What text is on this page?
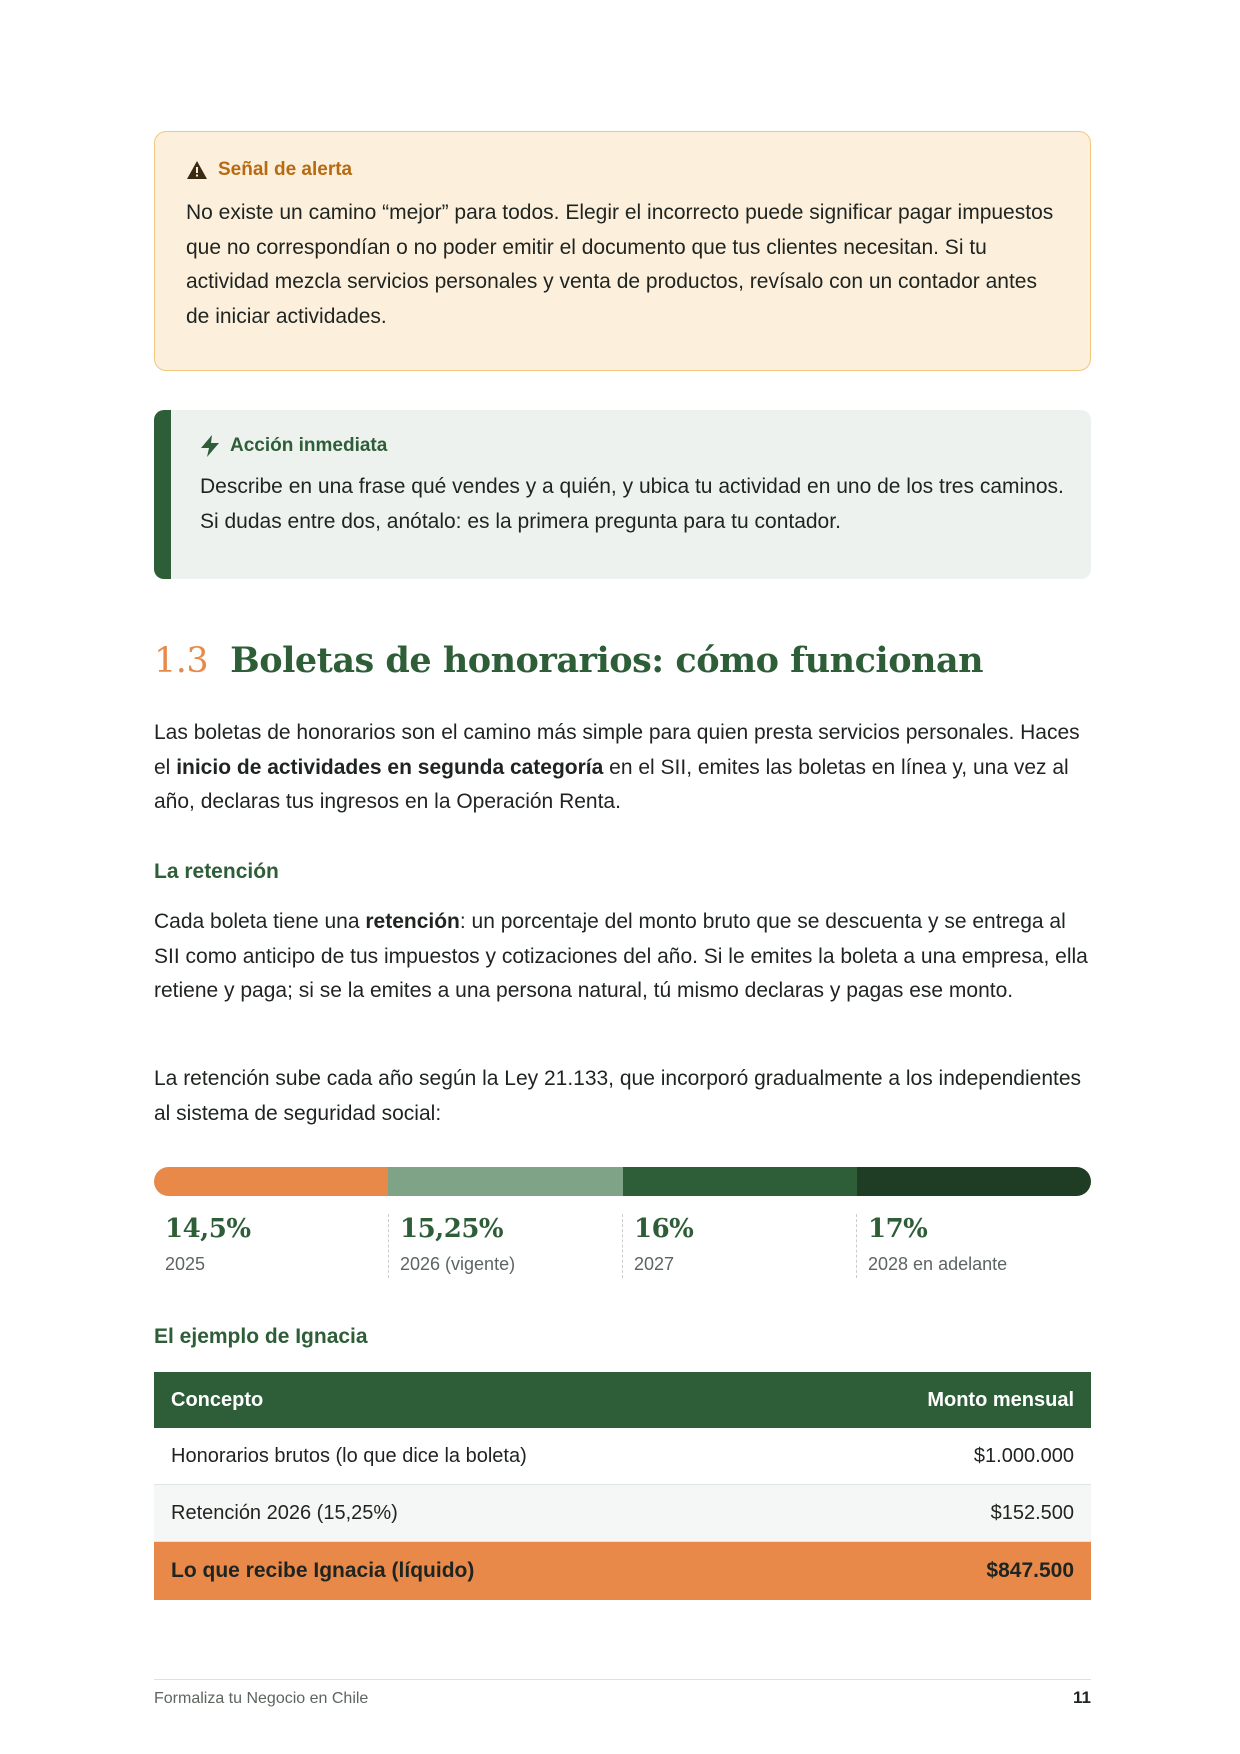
Señal de alerta
No existe un camino “mejor” para todos. Elegir el incorrecto puede significar pagar impuestos que no correspondían o no poder emitir el documento que tus clientes necesitan. Si tu actividad mezcla servicios personales y venta de productos, revísalo con un contador antes de iniciar actividades.
Acción inmediata
Describe en una frase qué vendes y a quién, y ubica tu actividad en uno de los tres caminos. Si dudas entre dos, anótalo: es la primera pregunta para tu contador.
1.3 Boletas de honorarios: cómo funcionan
Las boletas de honorarios son el camino más simple para quien presta servicios personales. Haces el inicio de actividades en segunda categoría en el SII, emites las boletas en línea y, una vez al año, declaras tus ingresos en la Operación Renta.
La retención
Cada boleta tiene una retención: un porcentaje del monto bruto que se descuenta y se entrega al SII como anticipo de tus impuestos y cotizaciones del año. Si le emites la boleta a una empresa, ella retiene y paga; si se la emites a una persona natural, tú mismo declaras y pagas ese monto.
La retención sube cada año según la Ley 21.133, que incorporó gradualmente a los independientes al sistema de seguridad social:
14,5%
2025
15,25%
2026 (vigente)
16%
2027
17%
2028 en adelante
El ejemplo de Ignacia
Concepto	Monto mensual
Honorarios brutos (lo que dice la boleta)	$1.000.000
Retención 2026 (15,25%)	$152.500
Lo que recibe Ignacia (líquido)	$847.500
Formaliza tu Negocio en Chile	11
